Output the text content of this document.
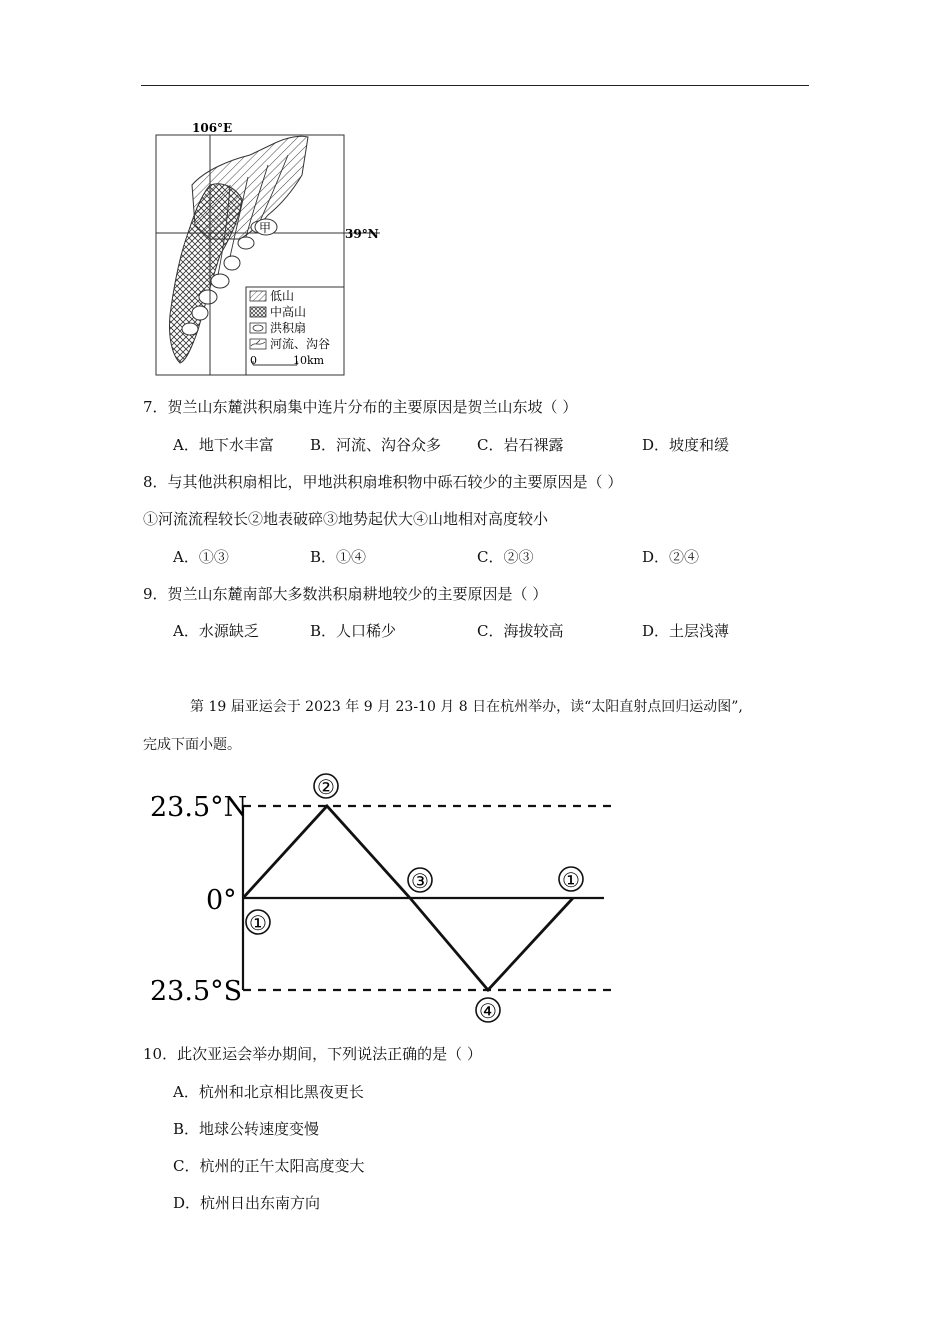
106°E
39°N
甲
低山
中高山
洪积扇
河流、沟谷
0	10km
7．贺兰山东麓洪积扇集中连片分布的主要原因是贺兰山东坡（ ）
A．地下水丰富 B．河流、沟谷众多 C．岩石裸露	D．坡度和缓
8．与其他洪积扇相比，甲地洪积扇堆积物中砾石较少的主要原因是（ ）
①河流流程较长②地表破碎③地势起伏大④山地相对高度较小
A．①③	B．①④	C．②③	D．②④
9．贺兰山东麓南部大多数洪积扇耕地较少的主要原因是（ ）
A．水源缺乏	B．人口稀少	C．海拔较高	D．土层浅薄
第 19 届亚运会于 2023 年 9 月 23-10 月 8 日在杭州举办，读“太阳直射点回归运动图”,
完成下面小题。
23.5°N
0°
23.5°S
①
②
③
④
①
10．此次亚运会举办期间，下列说法正确的是（ ）
A．杭州和北京相比黑夜更长
B．地球公转速度变慢
C．杭州的正午太阳高度变大
D．杭州日出东南方向
